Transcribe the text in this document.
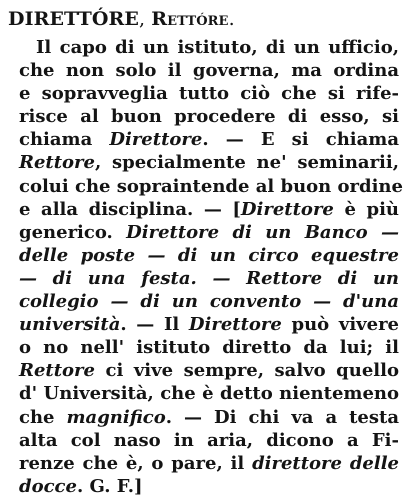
DIRETTÓRE, Rettóre.
Il capo di un istituto, di un ufficio,
che non solo il governa, ma ordina
e sopravveglia tutto ciò che si rife-
risce al buon procedere di esso, si
chiama Direttore. — E si chiama
Rettore, specialmente ne' seminarii,
colui che sopraintende al buon ordine
e alla disciplina. — [Direttore è più
generico. Direttore di un Banco —
delle poste — di un circo equestre
— di una festa. — Rettore di un
collegio — di un convento — d'una
università. — Il Direttore può vivere
o no nell' istituto diretto da lui; il
Rettore ci vive sempre, salvo quello
d' Università, che è detto nientemeno
che magnifico. — Di chi va a testa
alta col naso in aria, dicono a Fi-
renze che è, o pare, il direttore delle
docce. G. F.]
